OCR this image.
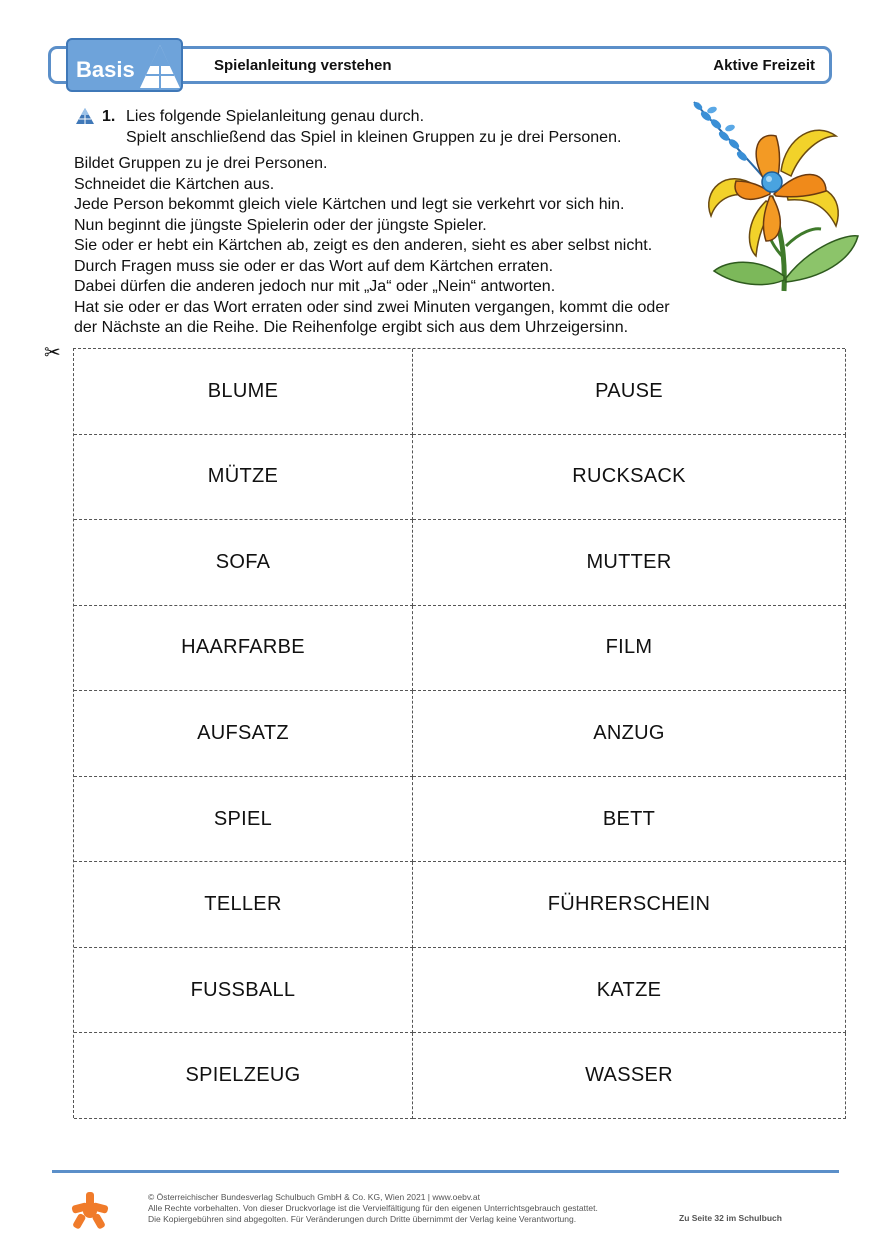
Basis	Spielanleitung verstehen	Aktive Freizeit
1. Lies folgende Spielanleitung genau durch.
Spielt anschließend das Spiel in kleinen Gruppen zu je drei Personen.
Bildet Gruppen zu je drei Personen.
Schneidet die Kärtchen aus.
Jede Person bekommt gleich viele Kärtchen und legt sie verkehrt vor sich hin.
Nun beginnt die jüngste Spielerin oder der jüngste Spieler.
Sie oder er hebt ein Kärtchen ab, zeigt es den anderen, sieht es aber selbst nicht.
Durch Fragen muss sie oder er das Wort auf dem Kärtchen erraten.
Dabei dürfen die anderen jedoch nur mit „Ja“ oder „Nein“ antworten.
Hat sie oder er das Wort erraten oder sind zwei Minuten vergangen, kommt die oder
der Nächste an die Reihe. Die Reihenfolge ergibt sich aus dem Uhrzeigersinn.
✂
BLUME	PAUSE
MÜTZE	RUCKSACK
SOFA	MUTTER
HAARFARBE	FILM
AUFSATZ	ANZUG
SPIEL	BETT
TELLER	FÜHRERSCHEIN
FUSSBALL	KATZE
SPIELZEUG	WASSER
© Österreichischer Bundesverlag Schulbuch GmbH & Co. KG, Wien 2021 | www.oebv.at
Alle Rechte vorbehalten. Von dieser Druckvorlage ist die Vervielfältigung für den eigenen Unterrichtsgebrauch gestattet.
Die Kopiergebühren sind abgegolten. Für Veränderungen durch Dritte übernimmt der Verlag keine Verantwortung.	Zu Seite 32 im Schulbuch
